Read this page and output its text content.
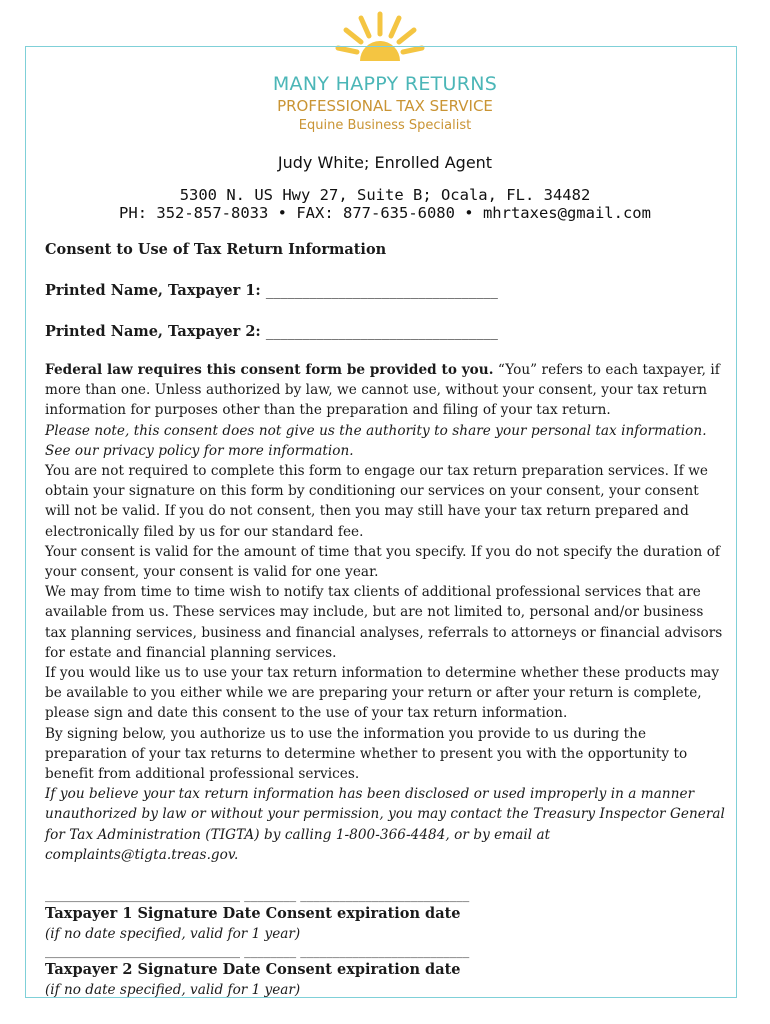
MANY HAPPY RETURNS
PROFESSIONAL TAX SERVICE
Equine Business Specialist
Judy White; Enrolled Agent
5300 N. US Hwy 27, Suite B; Ocala, FL. 34482
PH: 352-857-8033 • FAX: 877-635-6080 • mhrtaxes@gmail.com

Consent to Use of Tax Return Information

Printed Name, Taxpayer 1: ________________________________
Printed Name, Taxpayer 2: ________________________________

Federal law requires this consent form be provided to you. “You” refers to each taxpayer, if more than one. Unless authorized by law, we cannot use, without your consent, your tax return information for purposes other than the preparation and filing of your tax return.

Please note, this consent does not give us the authority to share your personal tax information. See our privacy policy for more information.

You are not required to complete this form to engage our tax return preparation services. If we obtain your signature on this form by conditioning our services on your consent, your consent will not be valid. If you do not consent, then you may still have your tax return prepared and electronically filed by us for our standard fee.

Your consent is valid for the amount of time that you specify. If you do not specify the duration of your consent, your consent is valid for one year.

We may from time to time wish to notify tax clients of additional professional services that are available from us. These services may include, but are not limited to, personal and/or business tax planning services, business and financial analyses, referrals to attorneys or financial advisors for estate and financial planning services.

If you would like us to use your tax return information to determine whether these products may be available to you either while we are preparing your return or after your return is complete, please sign and date this consent to the use of your tax return information.

By signing below, you authorize us to use the information you provide to us during the preparation of your tax returns to determine whether to present you with the opportunity to benefit from additional professional services.

If you believe your tax return information has been disclosed or used improperly in a manner unauthorized by law or without your permission, you may contact the Treasury Inspector General for Tax Administration (TIGTA) by calling 1-800-366-4484, or by email at complaints@tigta.treas.gov.

______________________________ ________ __________________________
Taxpayer 1 Signature Date Consent expiration date
(if no date specified, valid for 1 year)
______________________________ ________ __________________________
Taxpayer 2 Signature Date Consent expiration date
(if no date specified, valid for 1 year)
